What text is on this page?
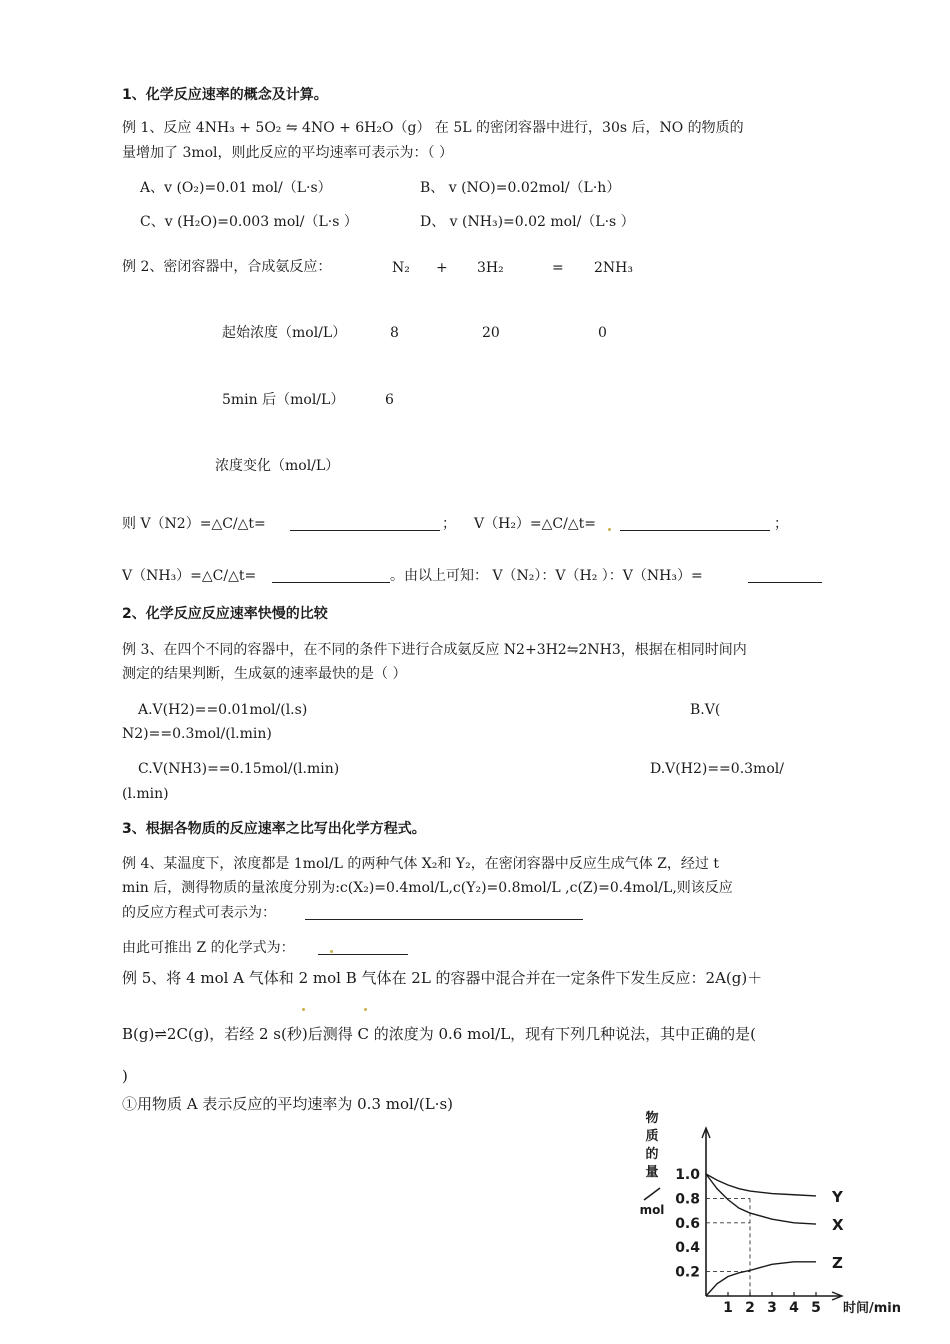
1、化学反应速率的概念及计算。
例 1、反应 4NH₃ + 5O₂ ⇋ 4NO + 6H₂O（g） 在 5L 的密闭容器中进行，30s 后，NO 的物质的
量增加了 3mol，则此反应的平均速率可表示为：（ ）
A、v (O₂)=0.01 mol/（L·s）	B、 v (NO)=0.02mol/（L·h）
C、v (H₂O)=0.003 mol/（L·s ）	D、 v (NH₃)=0.02 mol/（L·s ）
例 2、密闭容器中，合成氨反应：	N₂ + 3H₂	= 2NH₃
起始浓度（mol/L）	8	20	0
5min 后（mol/L）	6
浓度变化（mol/L）
则 V（N2）=△C/△t=	； V（H₂）=△C/△t=	；
V（NH₃）=△C/△t=	。由以上可知： V（N₂）：V（H₂ ）：V（NH₃）=
2、化学反应反应速率快慢的比较
例 3、在四个不同的容器中，在不同的条件下进行合成氨反应 N2+3H2⇋2NH3，根据在相同时间内
测定的结果判断，生成氨的速率最快的是（ ）
A.V(H2)==0.01mol/(l.s)	B.V(
N2)==0.3mol/(l.min)
C.V(NH3)==0.15mol/(l.min)	D.V(H2)==0.3mol/
(l.min)
3、根据各物质的反应速率之比写出化学方程式。
例 4、某温度下，浓度都是 1mol/L 的两种气体 X₂和 Y₂，在密闭容器中反应生成气体 Z，经过 t
min 后，测得物质的量浓度分别为:c(X₂)=0.4mol/L,c(Y₂)=0.8mol/L ,c(Z)=0.4mol/L,则该反应
的反应方程式可表示为：
由此可推出 Z 的化学式为：
例 5、将 4 mol A 气体和 2 mol B 气体在 2L 的容器中混合并在一定条件下发生反应：2A(g)＋
B(g)⇌2C(g)，若经 2 s(秒)后测得 C 的浓度为 0.6 mol/L，现有下列几种说法，其中正确的是(
)
①用物质 A 表示反应的平均速率为 0.3 mol/(L·s)
物
质
的
量
mol
0.2
0.4
0.6
0.8
1.0
1 2 3 4 5 时间/min
Y
X
Z
